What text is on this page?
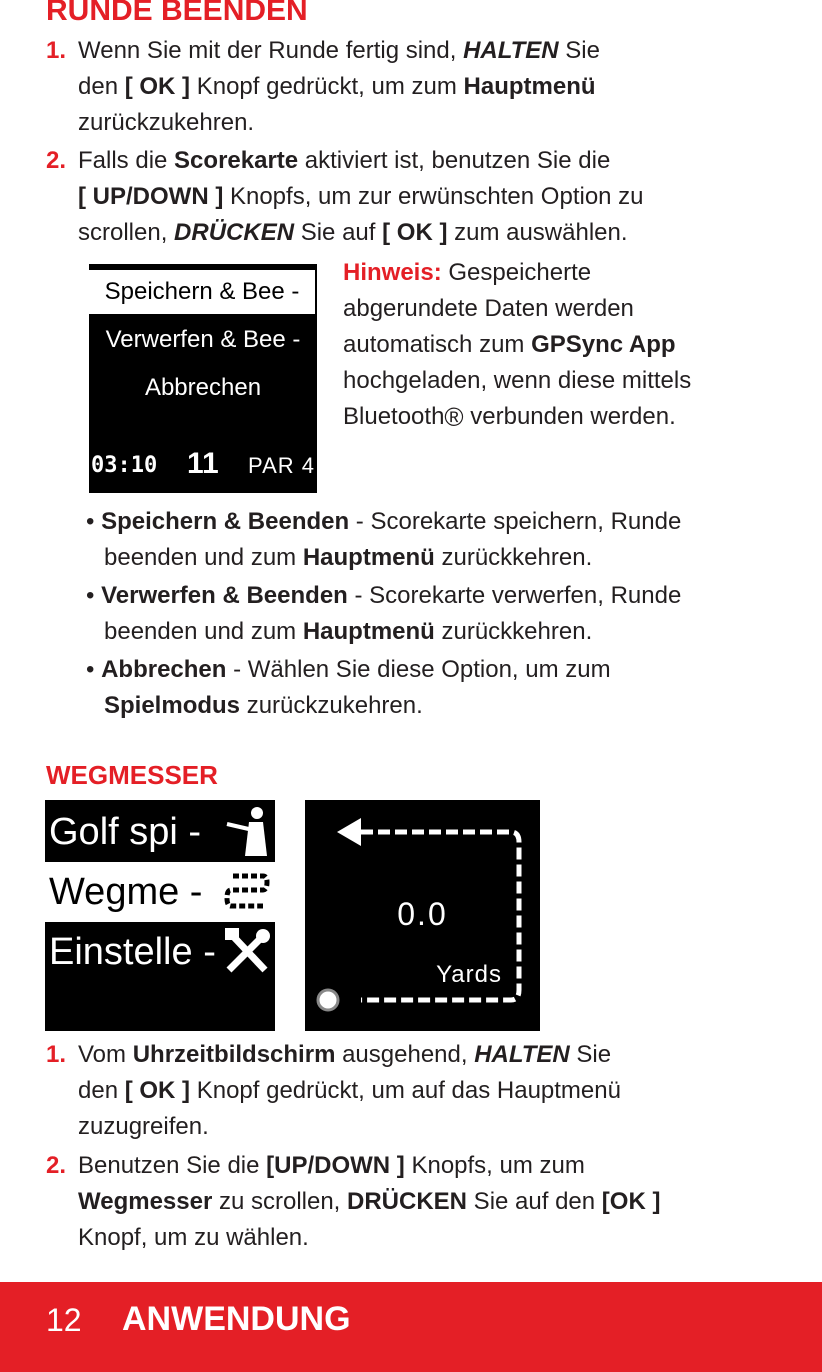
RUNDE BEENDEN
1. Wenn Sie mit der Runde fertig sind, HALTEN Sie
den [ OK ] Knopf gedrückt, um zum Hauptmenü
zurückzukehren.
2. Falls die Scorekarte aktiviert ist, benutzen Sie die
[ UP/DOWN ] Knopfs, um zur erwünschten Option zu
scrollen, DRÜCKEN Sie auf [ OK ] zum auswählen.
Speichern & Bee -
Verwerfen & Bee -
Abbrechen
03:10 11 PAR 4
Hinweis: Gespeicherte
abgerundete Daten werden
automatisch zum GPSync App
hochgeladen, wenn diese mittels
Bluetooth® verbunden werden.
• Speichern & Beenden - Scorekarte speichern, Runde
beenden und zum Hauptmenü zurückkehren.
• Verwerfen & Beenden - Scorekarte verwerfen, Runde
beenden und zum Hauptmenü zurückkehren.
• Abbrechen - Wählen Sie diese Option, um zum
Spielmodus zurückzukehren.
WEGMESSER
Golf spi -
Wegme -
Einstelle -
0.0
Yards
1. Vom Uhrzeitbildschirm ausgehend, HALTEN Sie
den [ OK ] Knopf gedrückt, um auf das Hauptmenü
zuzugreifen.
2. Benutzen Sie die [UP/DOWN ] Knopfs, um zum
Wegmesser zu scrollen, DRÜCKEN Sie auf den [OK ]
Knopf, um zu wählen.
12 ANWENDUNG
